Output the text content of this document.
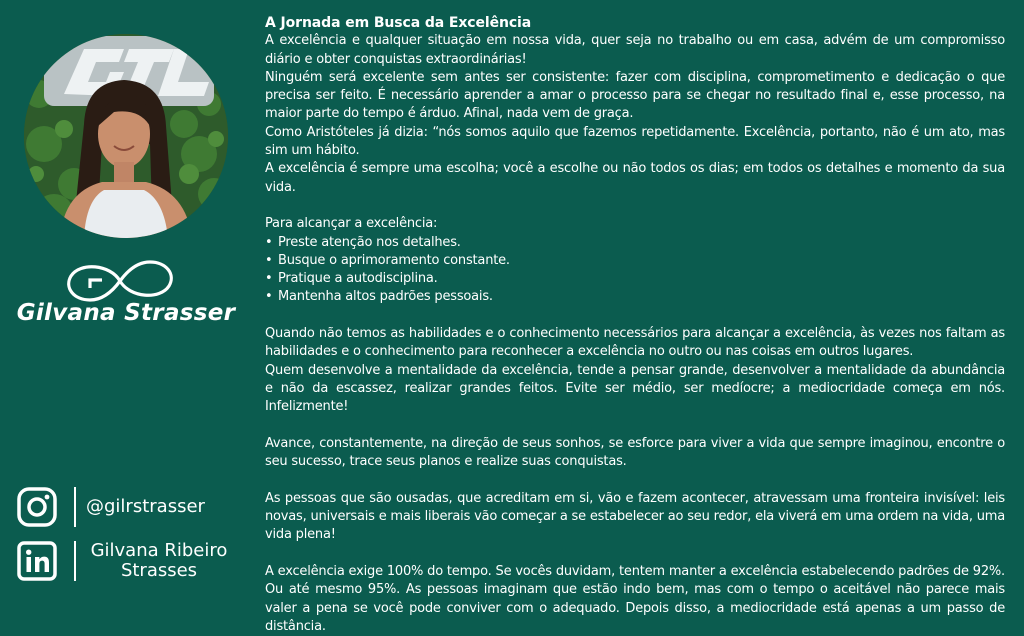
Gilvana Strasser
@gilrstrasser
Gilvana Ribeiro
Strasses

A Jornada em Busca da Excelência

A excelência e qualquer situação em nossa vida, quer seja no trabalho ou em casa, advém de um compromisso diário e obter conquistas extraordinárias!

Ninguém será excelente sem antes ser consistente: fazer com disciplina, comprometimento e dedicação o que precisa ser feito. É necessário aprender a amar o processo para se chegar no resultado final e, esse processo, na maior parte do tempo é árduo. Afinal, nada vem de graça.

Como Aristóteles já dizia: “nós somos aquilo que fazemos repetidamente. Excelência, portanto, não é um ato, mas sim um hábito.

A excelência é sempre uma escolha; você a escolhe ou não todos os dias; em todos os detalhes e momento da sua vida.

Para alcançar a excelência:

• Preste atenção nos detalhes.
• Busque o aprimoramento constante.
• Pratique a autodisciplina.
• Mantenha altos padrões pessoais.

Quando não temos as habilidades e o conhecimento necessários para alcançar a excelência, às vezes nos faltam as habilidades e o conhecimento para reconhecer a excelência no outro ou nas coisas em outros lugares.

Quem desenvolve a mentalidade da excelência, tende a pensar grande, desenvolver a mentalidade da abundância e não da escassez, realizar grandes feitos. Evite ser médio, ser medíocre; a mediocridade começa em nós. Infelizmente!

Avance, constantemente, na direção de seus sonhos, se esforce para viver a vida que sempre imaginou, encontre o seu sucesso, trace seus planos e realize suas conquistas.

As pessoas que são ousadas, que acreditam em si, vão e fazem acontecer, atravessam uma fronteira invisível: leis novas, universais e mais liberais vão começar a se estabelecer ao seu redor, ela viverá em uma ordem na vida, uma vida plena!

A excelência exige 100% do tempo. Se vocês duvidam, tentem manter a excelência estabelecendo padrões de 92%. Ou até mesmo 95%. As pessoas imaginam que estão indo bem, mas com o tempo o aceitável não parece mais valer a pena se você pode conviver com o adequado. Depois disso, a mediocridade está apenas a um passo de distância.
